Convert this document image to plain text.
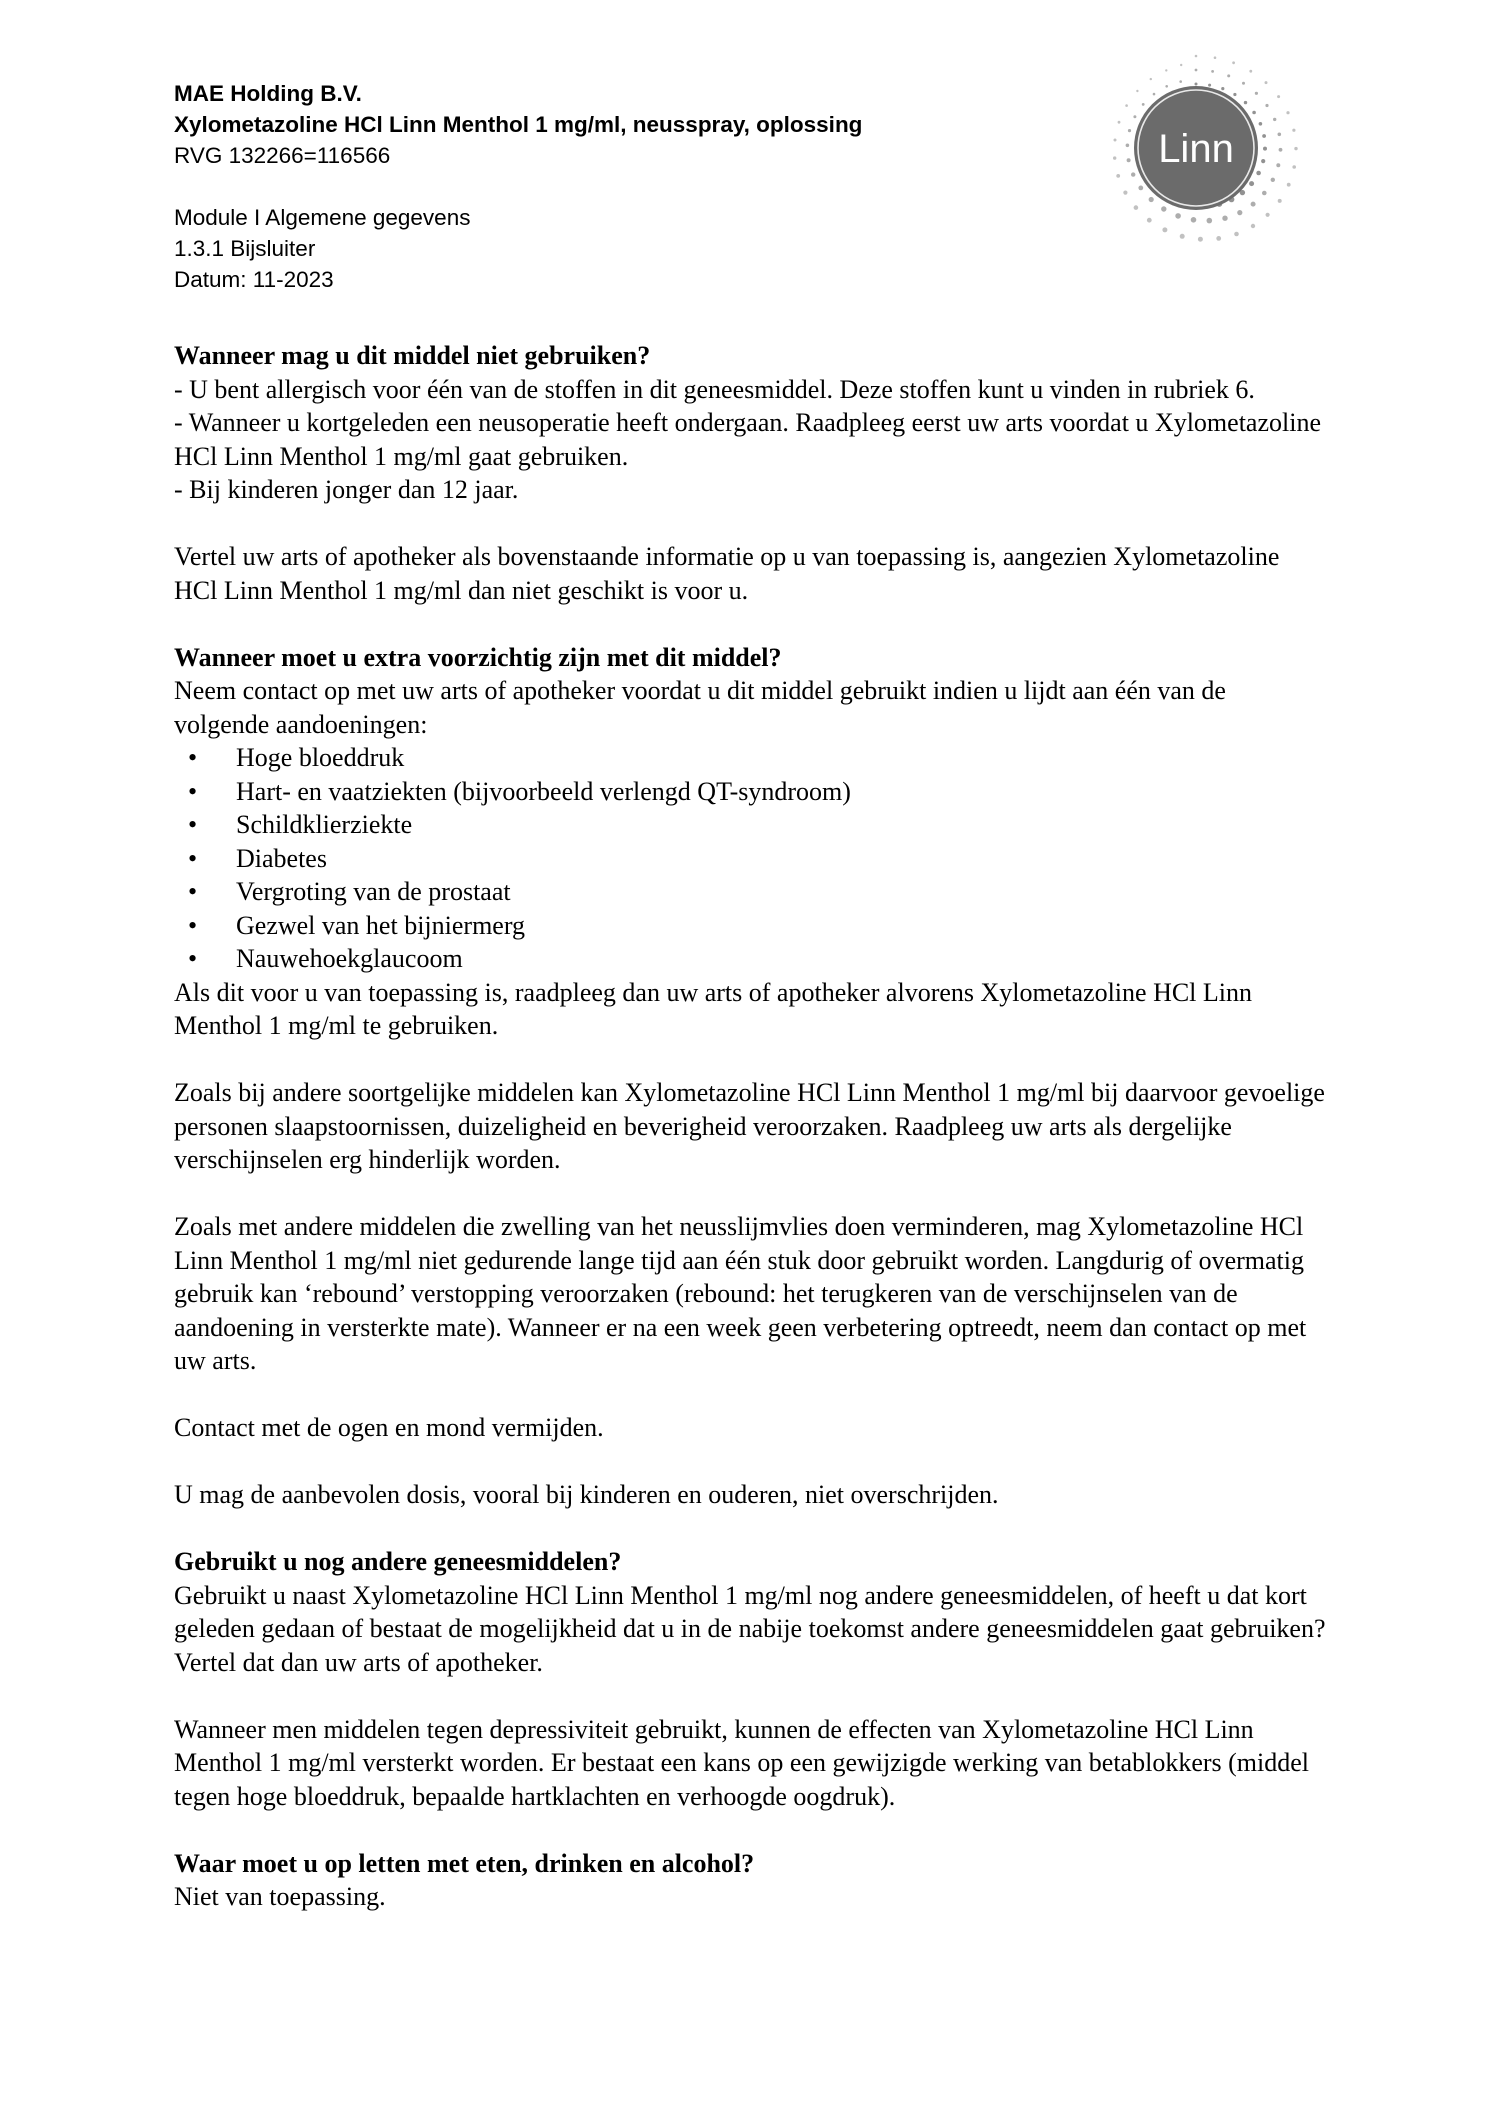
Linn
MAE Holding B.V.
Xylometazoline HCl Linn Menthol 1 mg/ml, neusspray, oplossing
RVG 132266=116566
Module I Algemene gegevens
1.3.1 Bijsluiter
Datum: 11-2023
Wanneer mag u dit middel niet gebruiken?
- U bent allergisch voor één van de stoffen in dit geneesmiddel. Deze stoffen kunt u vinden in rubriek 6.
- Wanneer u kortgeleden een neusoperatie heeft ondergaan. Raadpleeg eerst uw arts voordat u Xylometazoline HCl Linn Menthol 1 mg/ml gaat gebruiken.
- Bij kinderen jonger dan 12 jaar.
Vertel uw arts of apotheker als bovenstaande informatie op u van toepassing is, aangezien Xylometazoline HCl Linn Menthol 1 mg/ml dan niet geschikt is voor u.
Wanneer moet u extra voorzichtig zijn met dit middel?
Neem contact op met uw arts of apotheker voordat u dit middel gebruikt indien u lijdt aan één van de volgende aandoeningen:
• Hoge bloeddruk
• Hart- en vaatziekten (bijvoorbeeld verlengd QT-syndroom)
• Schildklierziekte
• Diabetes
• Vergroting van de prostaat
• Gezwel van het bijniermerg
• Nauwehoekglaucoom
Als dit voor u van toepassing is, raadpleeg dan uw arts of apotheker alvorens Xylometazoline HCl Linn Menthol 1 mg/ml te gebruiken.
Zoals bij andere soortgelijke middelen kan Xylometazoline HCl Linn Menthol 1 mg/ml bij daarvoor gevoelige personen slaapstoornissen, duizeligheid en beverigheid veroorzaken. Raadpleeg uw arts als dergelijke verschijnselen erg hinderlijk worden.
Zoals met andere middelen die zwelling van het neusslijmvlies doen verminderen, mag Xylometazoline HCl Linn Menthol 1 mg/ml niet gedurende lange tijd aan één stuk door gebruikt worden. Langdurig of overmatig gebruik kan ‘rebound’ verstopping veroorzaken (rebound: het terugkeren van de verschijnselen van de aandoening in versterkte mate). Wanneer er na een week geen verbetering optreedt, neem dan contact op met uw arts.
Contact met de ogen en mond vermijden.
U mag de aanbevolen dosis, vooral bij kinderen en ouderen, niet overschrijden.
Gebruikt u nog andere geneesmiddelen?
Gebruikt u naast Xylometazoline HCl Linn Menthol 1 mg/ml nog andere geneesmiddelen, of heeft u dat kort geleden gedaan of bestaat de mogelijkheid dat u in de nabije toekomst andere geneesmiddelen gaat gebruiken? Vertel dat dan uw arts of apotheker.
Wanneer men middelen tegen depressiviteit gebruikt, kunnen de effecten van Xylometazoline HCl Linn Menthol 1 mg/ml versterkt worden. Er bestaat een kans op een gewijzigde werking van betablokkers (middel tegen hoge bloeddruk, bepaalde hartklachten en verhoogde oogdruk).
Waar moet u op letten met eten, drinken en alcohol?
Niet van toepassing.
